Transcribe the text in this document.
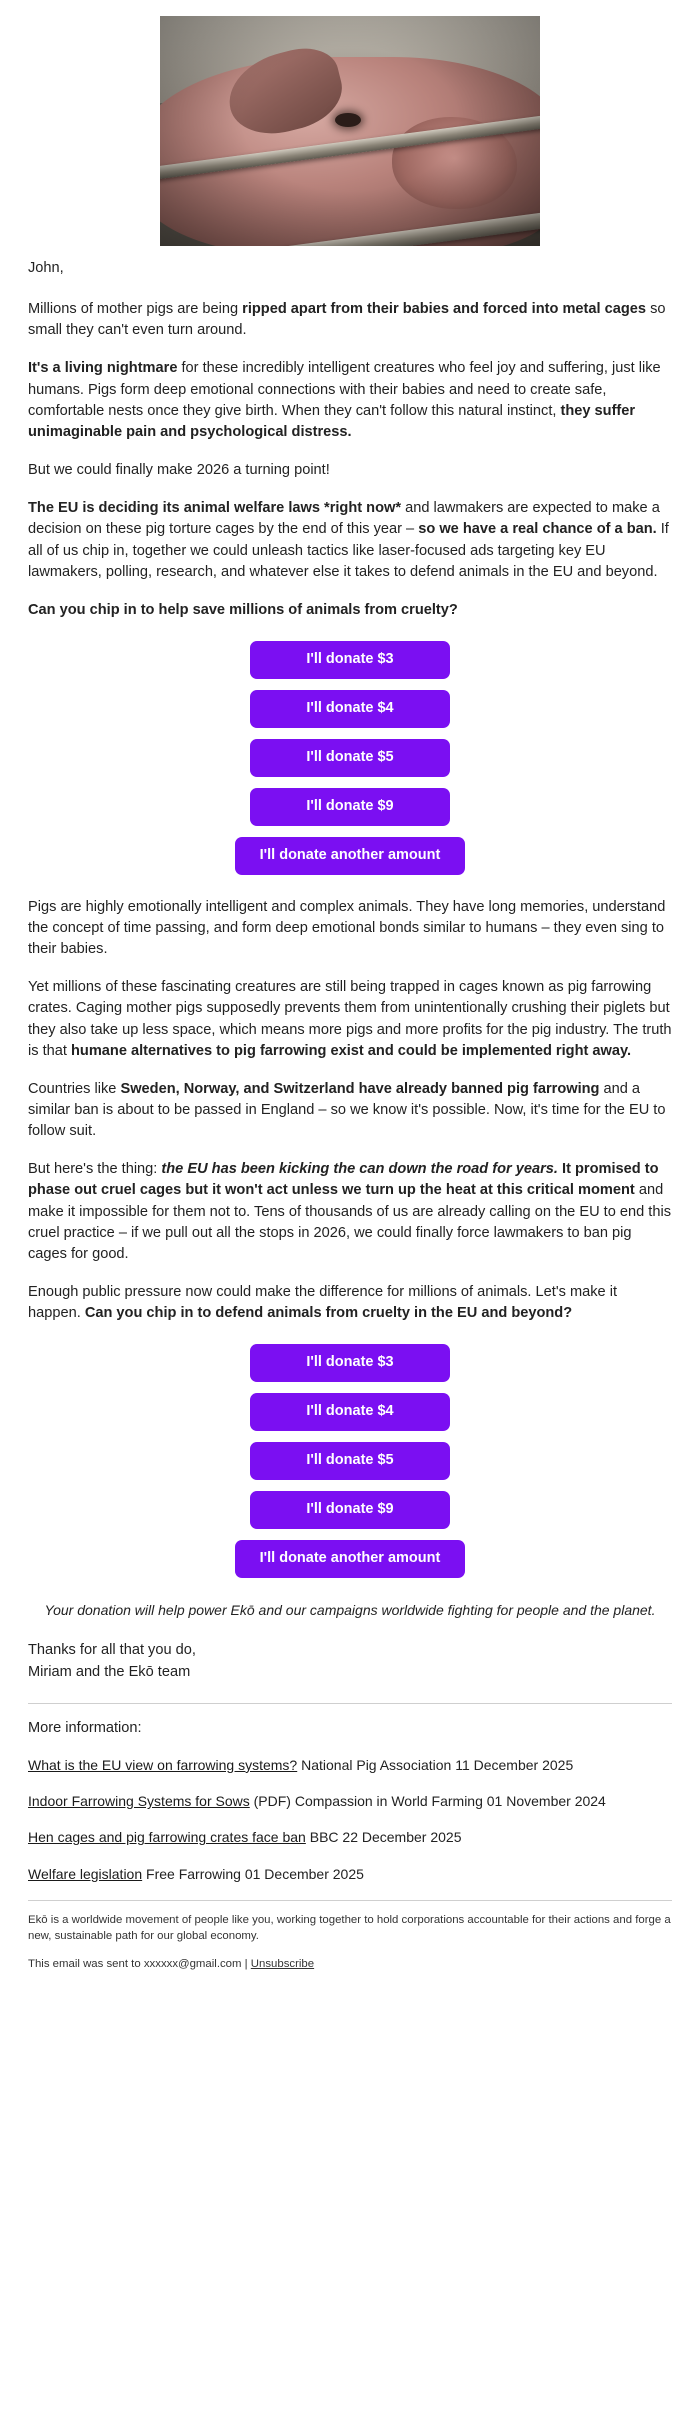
John,

Millions of mother pigs are being ripped apart from their babies and forced into metal cages so small they can't even turn around.

It's a living nightmare for these incredibly intelligent creatures who feel joy and suffering, just like humans. Pigs form deep emotional connections with their babies and need to create safe, comfortable nests once they give birth. When they can't follow this natural instinct, they suffer unimaginable pain and psychological distress.

But we could finally make 2026 a turning point!

The EU is deciding its animal welfare laws *right now* and lawmakers are expected to make a decision on these pig torture cages by the end of this year – so we have a real chance of a ban. If all of us chip in, together we could unleash tactics like laser-focused ads targeting key EU lawmakers, polling, research, and whatever else it takes to defend animals in the EU and beyond.

Can you chip in to help save millions of animals from cruelty?

I'll donate $3
I'll donate $4
I'll donate $5
I'll donate $9
I'll donate another amount

Pigs are highly emotionally intelligent and complex animals. They have long memories, understand the concept of time passing, and form deep emotional bonds similar to humans – they even sing to their babies.

Yet millions of these fascinating creatures are still being trapped in cages known as pig farrowing crates. Caging mother pigs supposedly prevents them from unintentionally crushing their piglets but they also take up less space, which means more pigs and more profits for the pig industry. The truth is that humane alternatives to pig farrowing exist and could be implemented right away.

Countries like Sweden, Norway, and Switzerland have already banned pig farrowing and a similar ban is about to be passed in England – so we know it's possible. Now, it's time for the EU to follow suit.

But here's the thing: the EU has been kicking the can down the road for years. It promised to phase out cruel cages but it won't act unless we turn up the heat at this critical moment and make it impossible for them not to. Tens of thousands of us are already calling on the EU to end this cruel practice – if we pull out all the stops in 2026, we could finally force lawmakers to ban pig cages for good.

Enough public pressure now could make the difference for millions of animals. Let's make it happen. Can you chip in to defend animals from cruelty in the EU and beyond?

I'll donate $3
I'll donate $4
I'll donate $5
I'll donate $9
I'll donate another amount
Your donation will help power Ekō and our campaigns worldwide fighting for people and the planet.
Thanks for all that you do,
Miriam and the Ekō team

More information:

What is the EU view on farrowing systems? National Pig Association 11 December 2025

Indoor Farrowing Systems for Sows (PDF) Compassion in World Farming 01 November 2024

Hen cages and pig farrowing crates face ban BBC 22 December 2025

Welfare legislation Free Farrowing 01 December 2025

Ekō is a worldwide movement of people like you, working together to hold corporations accountable for their actions and forge a new, sustainable path for our global economy.

This email was sent to xxxxxx@gmail.com | Unsubscribe
